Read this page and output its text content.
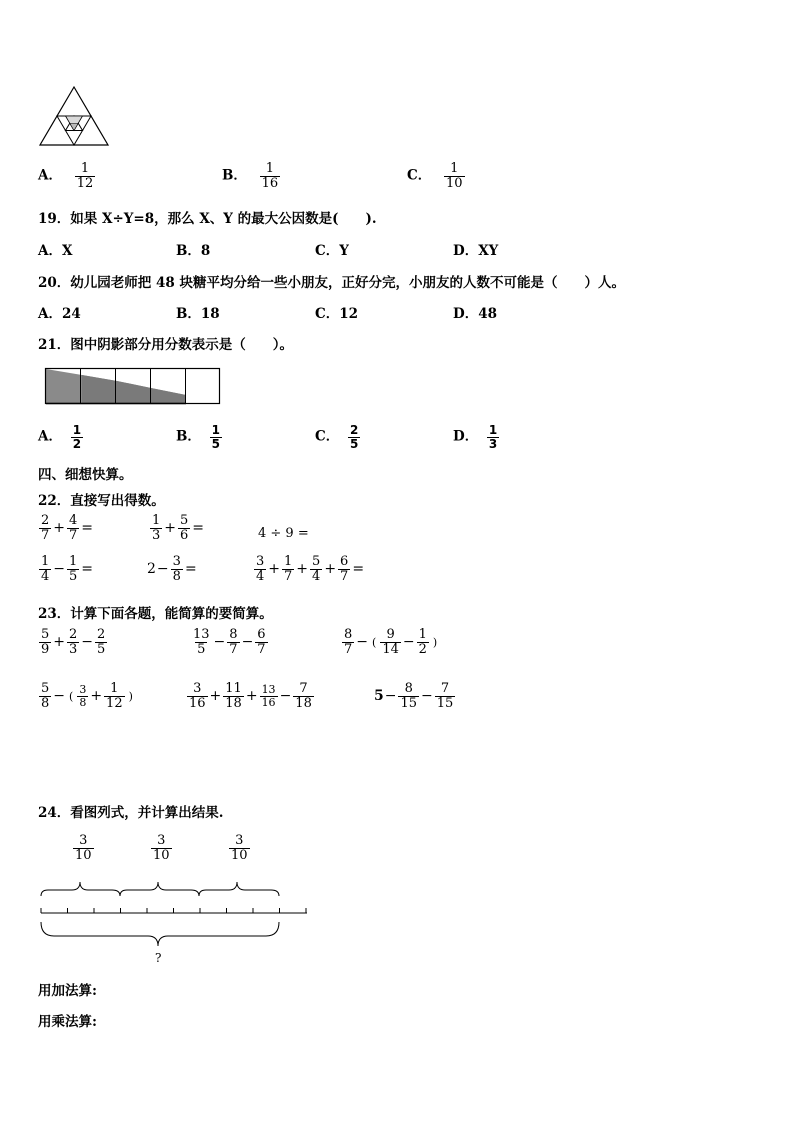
A． $\frac{1}{12}$	B． $\frac{1}{16}$	C． $\frac{1}{10}$
19．如果 X÷Y=8，那么 X、Y 的最大公因数是(　　).
A．X	B．8	C．Y	D．XY
20．幼儿园老师把 48 块糖平均分给一些小朋友，正好分完，小朋友的人数不可能是（　　）人。
A．24	B．18	C．12	D．48
21．图中阴影部分用分数表示是（　　）。
A． $\frac{1}{2}$	B． $\frac{1}{5}$	C． $\frac{2}{5}$	D． $\frac{1}{3}$
四、细想快算。
22．直接写出得数。
$\frac{2}{7} + \frac{4}{7}$ =	$\frac{1}{3} + \frac{5}{6}$ =	4 ÷ 9 =
$\frac{1}{4} - \frac{1}{5}$ =	$2 - \frac{3}{8}$ =	$\frac{3}{4} + \frac{1}{7} + \frac{5}{4} + \frac{6}{7}$ =
23．计算下面各题，能简算的要简算。
$\frac{5}{9} + \frac{2}{3} - \frac{2}{5}$	$\frac{13}{5} - \frac{8}{7} - \frac{6}{7}$	$\frac{8}{7}$ − ( $\frac{9}{14} - \frac{1}{2}$ )
$\frac{5}{8}$ − ( $\frac{3}{8} + \frac{1}{12}$ )	$\frac{3}{16} + \frac{11}{18} + \frac{13}{16} - \frac{7}{18}$	$5 - \frac{8}{15} - \frac{7}{15}$
24．看图列式，并计算出结果.
$\frac{3}{10}$	$\frac{3}{10}$	$\frac{3}{10}$
?
用加法算:
用乘法算:
